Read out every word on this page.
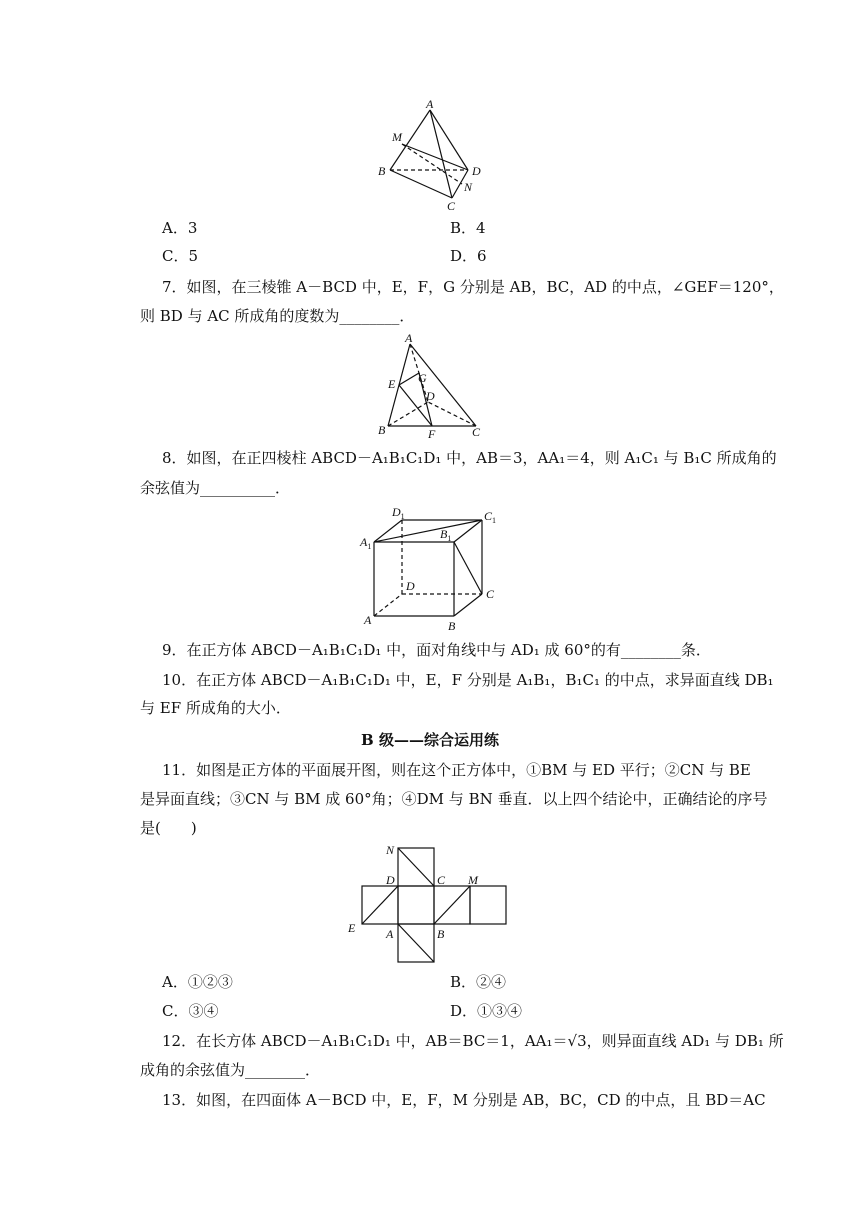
A
M
B	D
N
C
A．3	B．4
C．5	D．6
7．如图，在三棱锥 A－BCD 中，E，F，G 分别是 AB，BC，AD 的中点，∠GEF＝120°，
则 BD 与 AC 所成角的度数为________．
A
E G
D
B	F	C
8．如图，在正四棱柱 ABCD－A₁B₁C₁D₁ 中，AB＝3，AA₁＝4，则 A₁C₁ 与 B₁C 所成角的
余弦值为__________．
$D_1$	$C_1$
$A_1$
$B_1$
D
A
C
B
9．在正方体 ABCD－A₁B₁C₁D₁ 中，面对角线中与 AD₁ 成 60°的有________条．
10．在正方体 ABCD－A₁B₁C₁D₁ 中，E，F 分别是 A₁B₁，B₁C₁ 的中点，求异面直线 DB₁
与 EF 所成角的大小．
B 级——综合运用练
11．如图是正方体的平面展开图，则在这个正方体中，①BM 与 ED 平行；②CN 与 BE
是异面直线；③CN 与 BM 成 60°角；④DM 与 BN 垂直．以上四个结论中，正确结论的序号
是(　　)
N
D	C M
E	A	B
A．①②③	B．②④
C．③④	D．①③④
12．在长方体 ABCD－A₁B₁C₁D₁ 中，AB＝BC＝1，AA₁＝√3，则异面直线 AD₁ 与 DB₁ 所
成角的余弦值为________．
13．如图，在四面体 A－BCD 中，E，F，M 分别是 AB，BC，CD 的中点，且 BD＝AC
